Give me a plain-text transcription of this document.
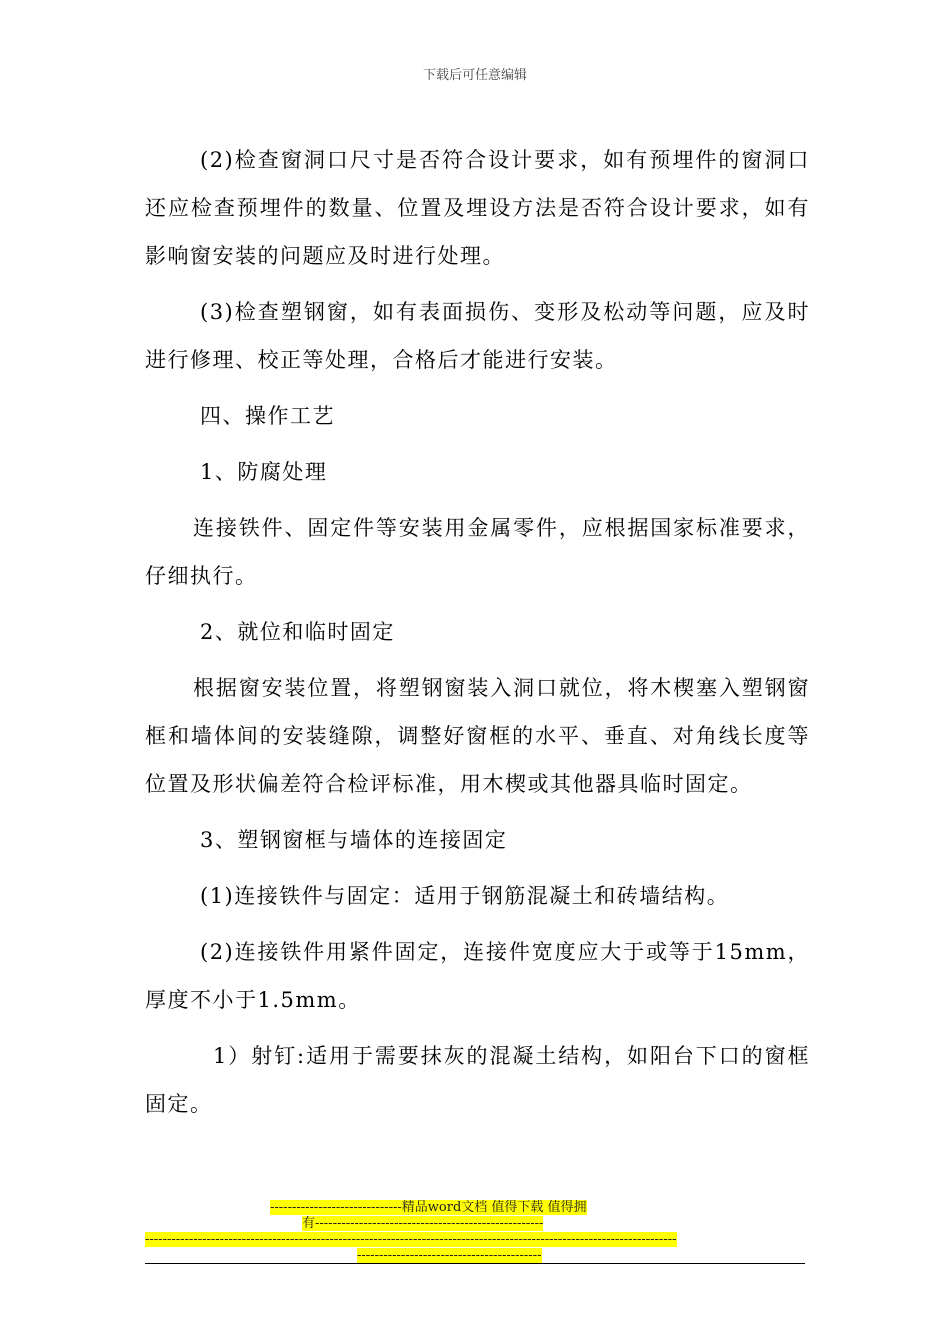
下载后可任意编辑

(2)检查窗洞口尺寸是否符合设计要求，如有预埋件的窗洞口还应检查预埋件的数量、位置及埋设方法是否符合设计要求，如有影响窗安装的问题应及时进行处理。

(3)检查塑钢窗，如有表面损伤、变形及松动等问题，应及时进行修理、校正等处理，合格后才能进行安装。

四、操作工艺

1、防腐处理

连接铁件、固定件等安装用金属零件，应根据国家标准要求，仔细执行。

2、就位和临时固定

根据窗安装位置，将塑钢窗装入洞口就位，将木楔塞入塑钢窗框和墙体间的安装缝隙，调整好窗框的水平、垂直、对角线长度等位置及形状偏差符合检评标准，用木楔或其他器具临时固定。

3、塑钢窗框与墙体的连接固定

(1)连接铁件与固定：适用于钢筋混凝土和砖墙结构。

(2)连接铁件用紧件固定，连接件宽度应大于或等于15mm，厚度不小于1.5mm。

1）射钉:适用于需要抹灰的混凝土结构，如阳台下口的窗框固定。

------------------------------精品word文档 值得下载 值得拥
有----------------------------------------------------
-------------------------------------------------------------------------------------------------------------------------
------------------------------------------
